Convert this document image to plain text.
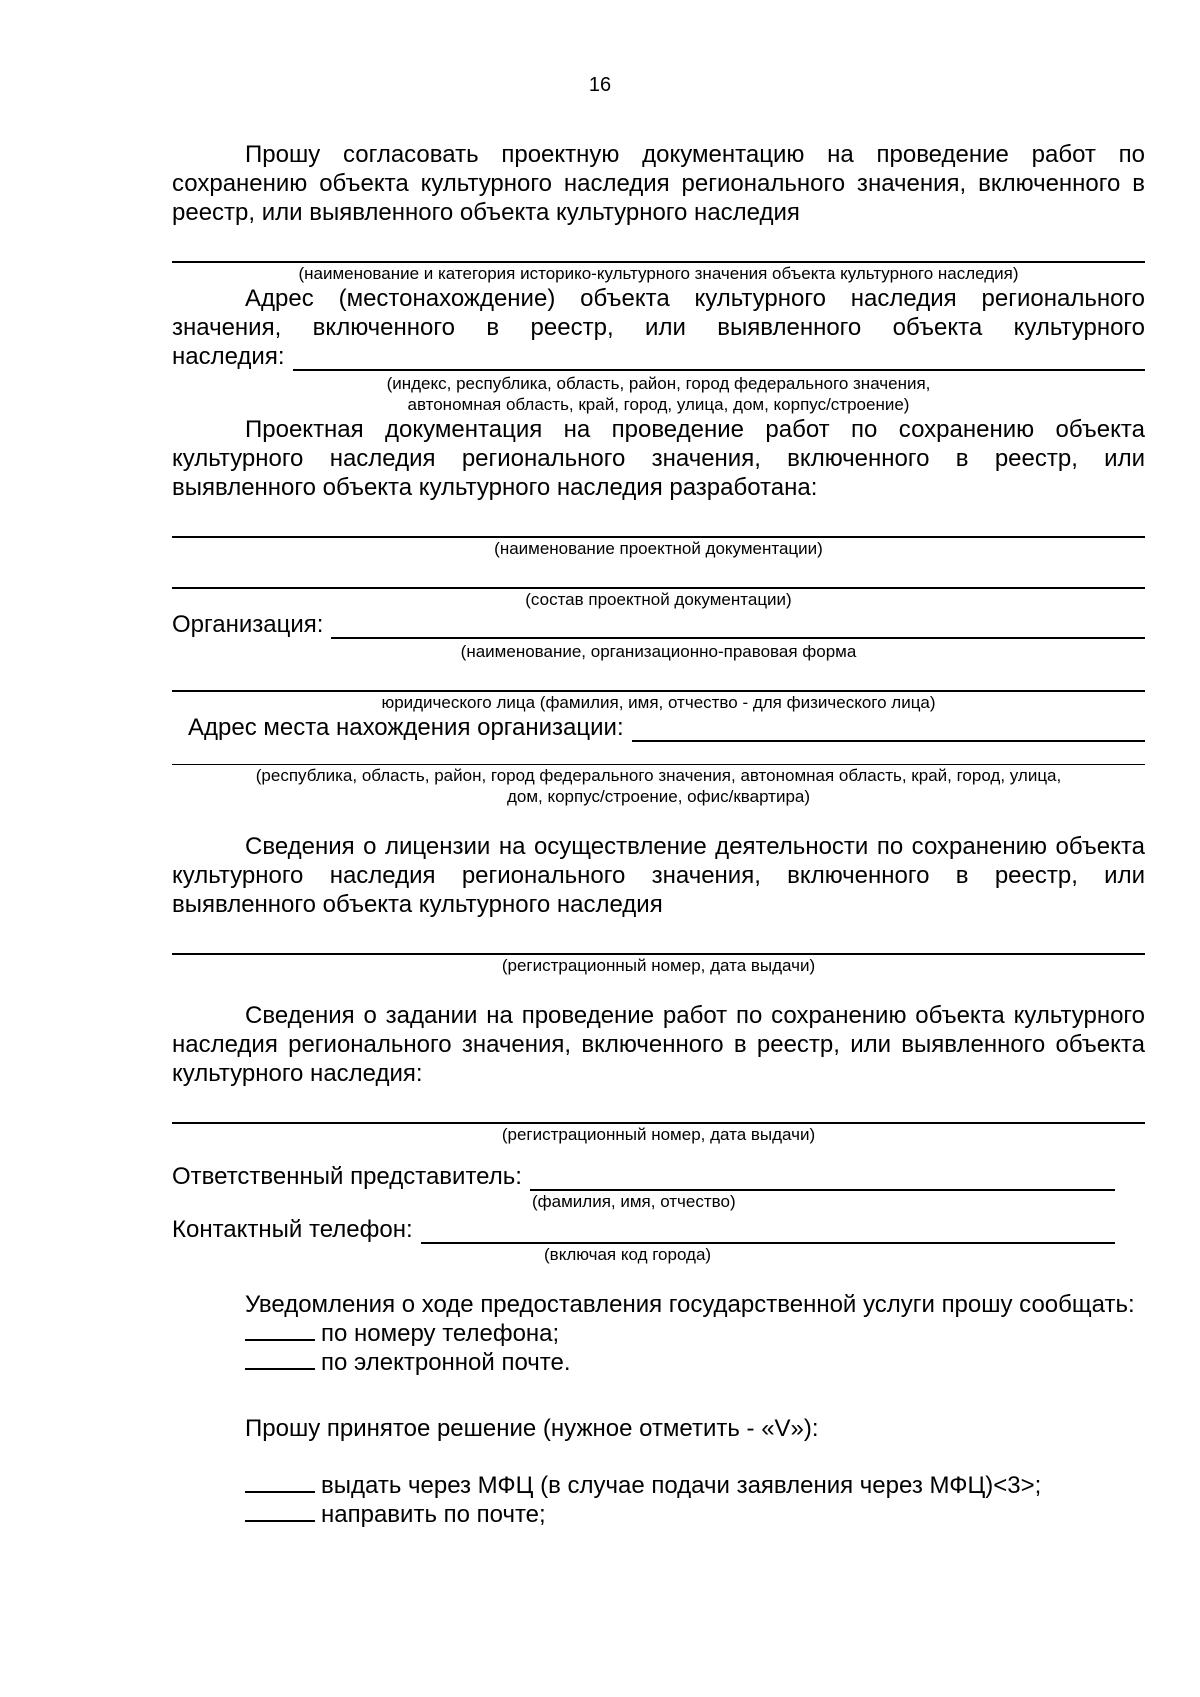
16

Прошу согласовать проектную документацию на проведение работ по сохранению объекта культурного наследия регионального значения, включенного в реестр, или выявленного объекта культурного наследия

(наименование и категория историко-культурного значения объекта культурного наследия)

Адрес (местонахождение) объекта культурного наследия регионального значения, включенного в реестр, или выявленного объекта культурного

наследия:

(индекс, республика, область, район, город федерального значения,

автономная область, край, город, улица, дом, корпус/строение)

Проектная документация на проведение работ по сохранению объекта культурного наследия регионального значения, включенного в реестр, или выявленного объекта культурного наследия разработана:

(наименование проектной документации)

(состав проектной документации)

Организация:

(наименование, организационно-правовая форма

юридического лица (фамилия, имя, отчество - для физического лица)

Адрес места нахождения организации:

(республика, область, район, город федерального значения, автономная область, край, город, улица,

дом, корпус/строение, офис/квартира)

Сведения о лицензии на осуществление деятельности по сохранению объекта культурного наследия регионального значения, включенного в реестр, или выявленного объекта культурного наследия

(регистрационный номер, дата выдачи)

Сведения о задании на проведение работ по сохранению объекта культурного наследия регионального значения, включенного в реестр, или выявленного объекта культурного наследия:

(регистрационный номер, дата выдачи)

Ответственный представитель:

(фамилия, имя, отчество)

Контактный телефон:

(включая код города)

Уведомления о ходе предоставления государственной услуги прошу сообщать:

по номеру телефона;

по электронной почте.

Прошу принятое решение (нужное отметить - «V»):

выдать через МФЦ (в случае подачи заявления через МФЦ)<3>;

направить по почте;
